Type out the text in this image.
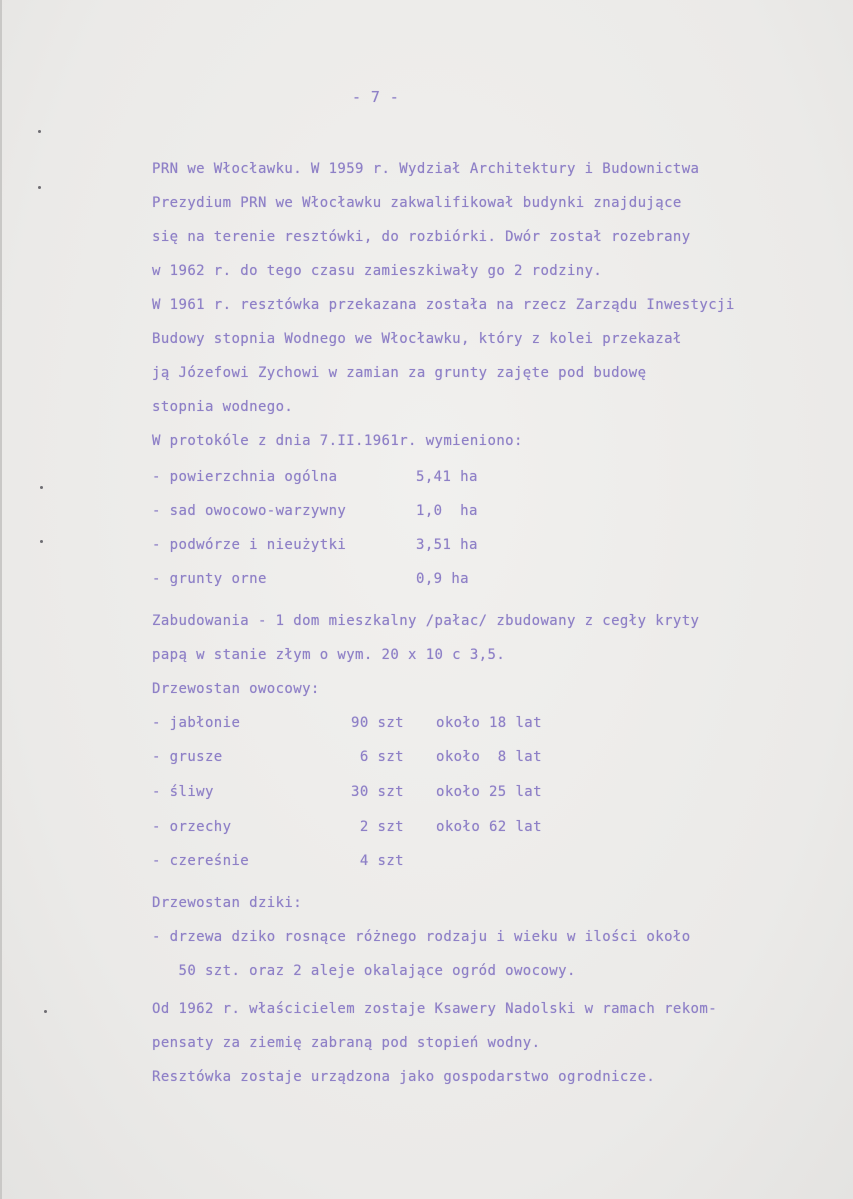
- 7 -
PRN we Włocławku. W 1959 r. Wydział Architektury i Budownictwa
Prezydium PRN we Włocławku zakwalifikował budynki znajdujące
się na terenie resztówki, do rozbiórki. Dwór został rozebrany
w 1962 r. do tego czasu zamieszkiwały go 2 rodziny.
W 1961 r. resztówka przekazana została na rzecz Zarządu Inwestycji
Budowy stopnia Wodnego we Włocławku, który z kolei przekazał
ją Józefowi Zychowi w zamian za grunty zajęte pod budowę
stopnia wodnego.
W protokóle z dnia 7.II.1961r. wymieniono:
- powierzchnia ogólna	5,41 ha
- sad owocowo-warzywny	1,0  ha
- podwórze i nieużytki	3,51 ha
- grunty orne	0,9 ha
Zabudowania - 1 dom mieszkalny /pałac/ zbudowany z cegły kryty
papą w stanie złym o wym. 20 x 10 c 3,5.
Drzewostan owocowy:
- jabłonie	90 szt około 18 lat
- grusze	6 szt około  8 lat
- śliwy	30 szt około 25 lat
- orzechy	2 szt około 62 lat
- czereśnie	4 szt
Drzewostan dziki:
- drzewa dziko rosnące różnego rodzaju i wieku w ilości około
50 szt. oraz 2 aleje okalające ogród owocowy.
Od 1962 r. właścicielem zostaje Ksawery Nadolski w ramach rekom-
pensaty za ziemię zabraną pod stopień wodny.
Resztówka zostaje urządzona jako gospodarstwo ogrodnicze.
